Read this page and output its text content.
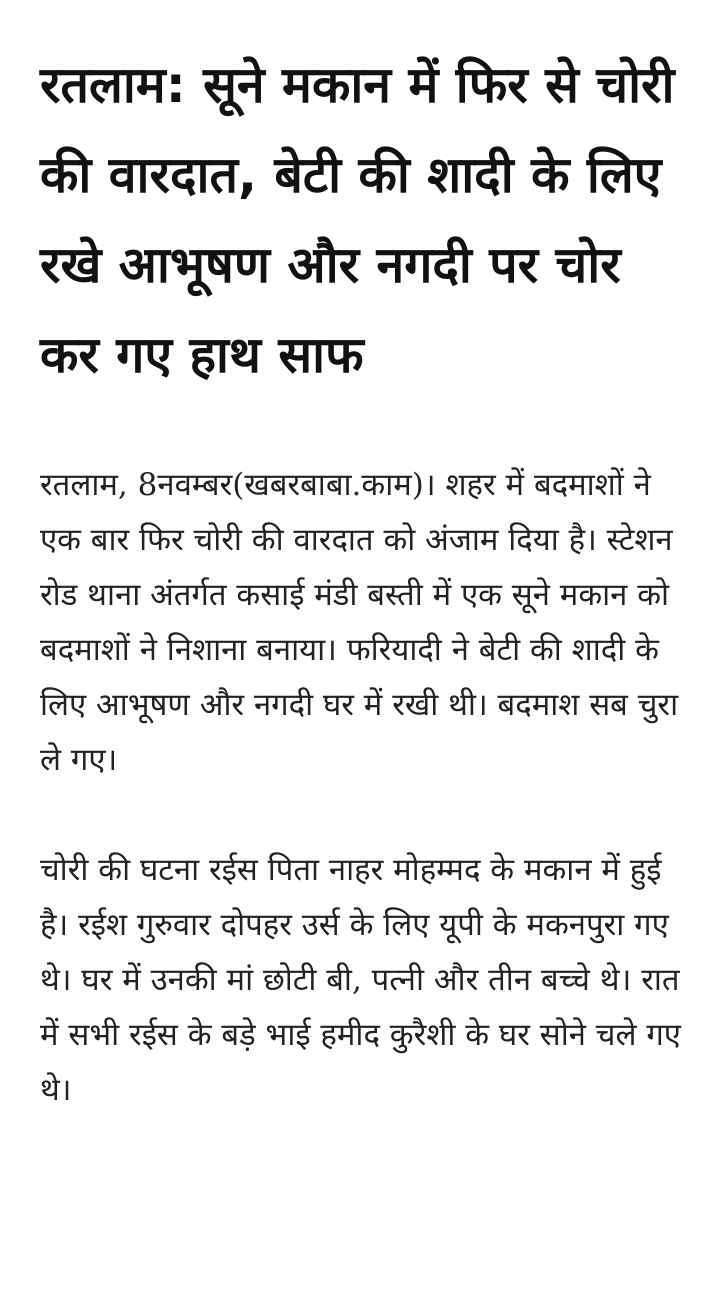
रतलाम: सूने मकान में फिर से चोरी की वारदात, बेटी की शादी के लिए रखे आभूषण और नगदी पर चोर कर गए हाथ साफ

रतलाम, 8नवम्बर(खबरबाबा.काम)। शहर में बदमाशों ने एक बार फिर चोरी की वारदात को अंजाम दिया है। स्टेशन रोड थाना अंतर्गत कसाई मंडी बस्ती में एक सूने मकान को बदमाशों ने निशाना बनाया। फरियादी ने बेटी की शादी के लिए आभूषण और नगदी घर में रखी थी। बदमाश सब चुरा ले गए।

चोरी की घटना रईस पिता नाहर मोहम्मद के मकान में हुई है। रईश गुरुवार दोपहर उर्स के लिए यूपी के मकनपुरा गए थे। घर में उनकी मां छोटी बी, पत्नी और तीन बच्चे थे। रात में सभी रईस के बड़े भाई हमीद कुरैशी के घर सोने चले गए थे।
